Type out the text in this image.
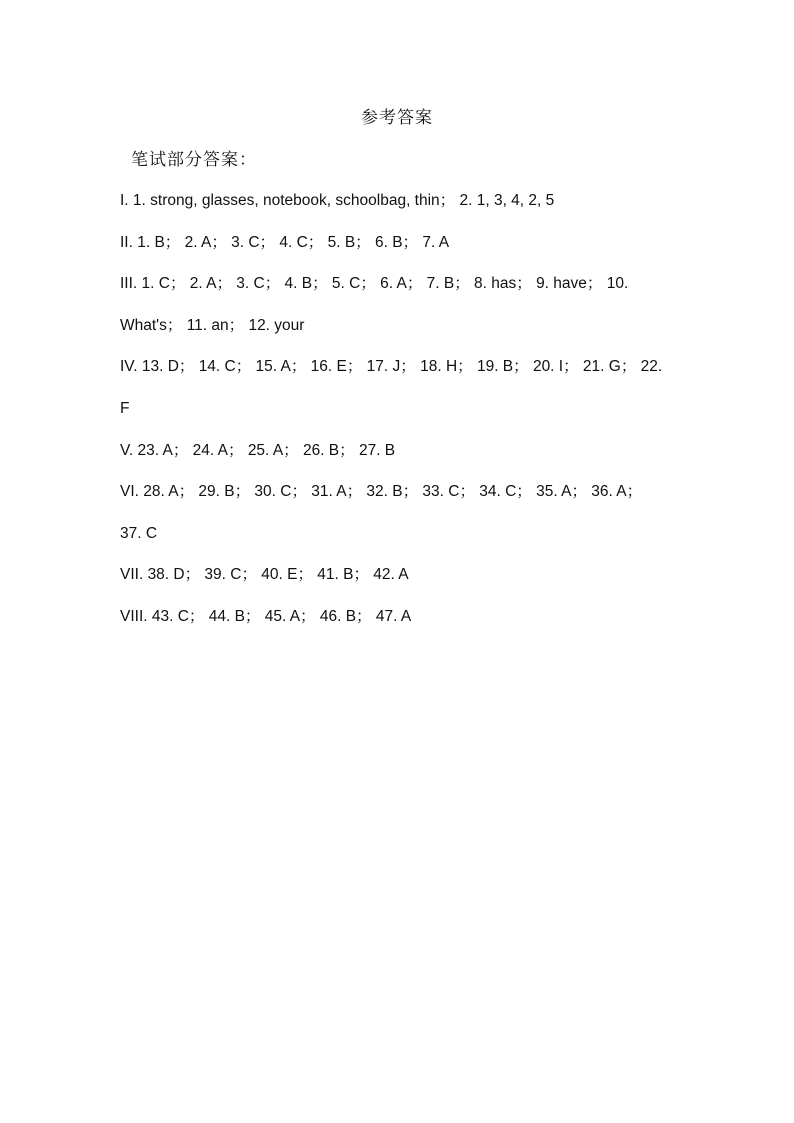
参考答案
笔试部分答案：
I. 1. strong, glasses, notebook, schoolbag, thin； 2. 1, 3, 4, 2, 5
II. 1. B； 2. A； 3. C； 4. C； 5. B； 6. B； 7. A
III. 1. C； 2. A； 3. C； 4. B； 5. C； 6. A； 7. B； 8. has； 9. have； 10.
What's； 11. an； 12. your
IV. 13. D； 14. C； 15. A； 16. E； 17. J； 18. H； 19. B； 20. I； 21. G； 22.
F
V. 23. A； 24. A； 25. A； 26. B； 27. B
VI. 28. A； 29. B； 30. C； 31. A； 32. B； 33. C； 34. C； 35. A； 36. A；
37. C
VII. 38. D； 39. C； 40. E； 41. B； 42. A
VIII. 43. C； 44. B； 45. A； 46. B； 47. A
